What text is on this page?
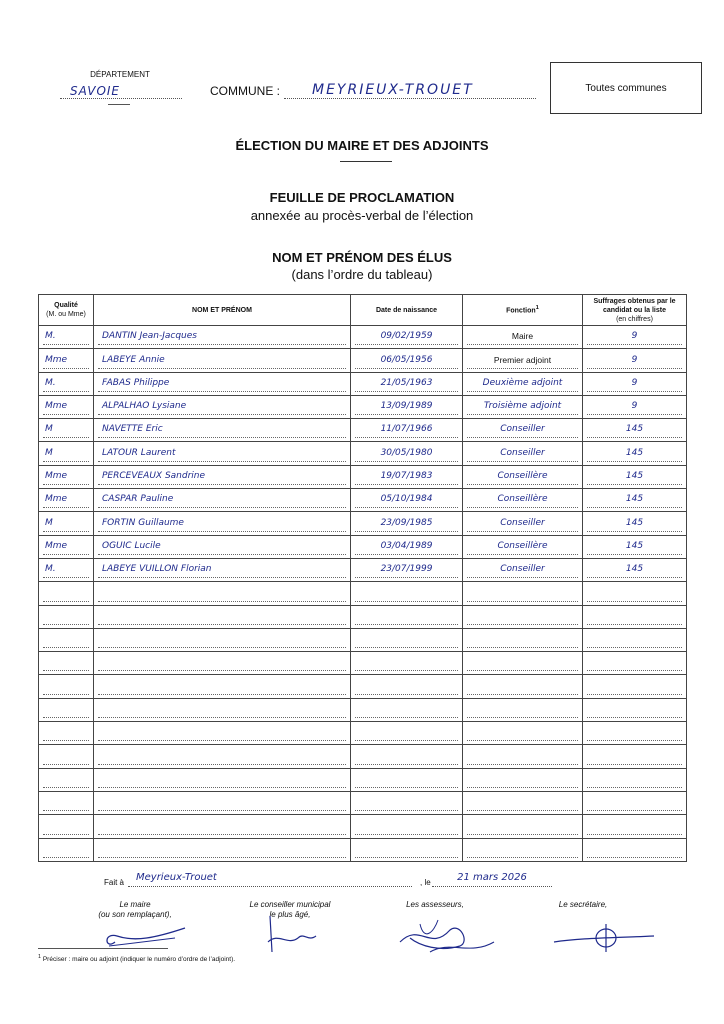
DÉPARTEMENT
SAVOIE	COMMUNE :	MEYRIEUX-TROUET	Toutes communes
ÉLECTION DU MAIRE ET DES ADJOINTS
FEUILLE DE PROCLAMATION
annexée au procès-verbal de l’élection
NOM ET PRÉNOM DES ÉLUS
(dans l’ordre du tableau)
Qualité
(M. ou Mme)	NOM ET PRÉNOM	Date de naissance	Fonction$^1$	Suffrages obtenus par le candidat ou la liste
(en chiffres)

M.	DANTIN Jean-Jacques	09/02/1959	Maire	9

Mme	LABEYE Annie	06/05/1956	Premier adjoint	9

M.	FABAS Philippe	21/05/1963	Deuxième adjoint	9

Mme	ALPALHAO Lysiane	13/09/1989	Troisième adjoint	9

M	NAVETTE Eric	11/07/1966	Conseiller	145

M	LATOUR Laurent	30/05/1980	Conseiller	145

Mme	PERCEVEAUX Sandrine	19/07/1983	Conseillère	145

Mme	CASPAR Pauline	05/10/1984	Conseillère	145

M	FORTIN Guillaume	23/09/1985	Conseiller	145

Mme	OGUIC Lucile	03/04/1989	Conseillère	145

M.	LABEYE VUILLON Florian	23/07/1999	Conseiller	145

Fait à	Meyrieux-Trouet	, le	21 mars 2026
Le maire
(ou son remplaçant),
Le conseiller municipal
le plus âgé,
Les assesseurs,	Le secrétaire,
$^1$ Préciser : maire ou adjoint (indiquer le numéro d’ordre de l’adjoint).
